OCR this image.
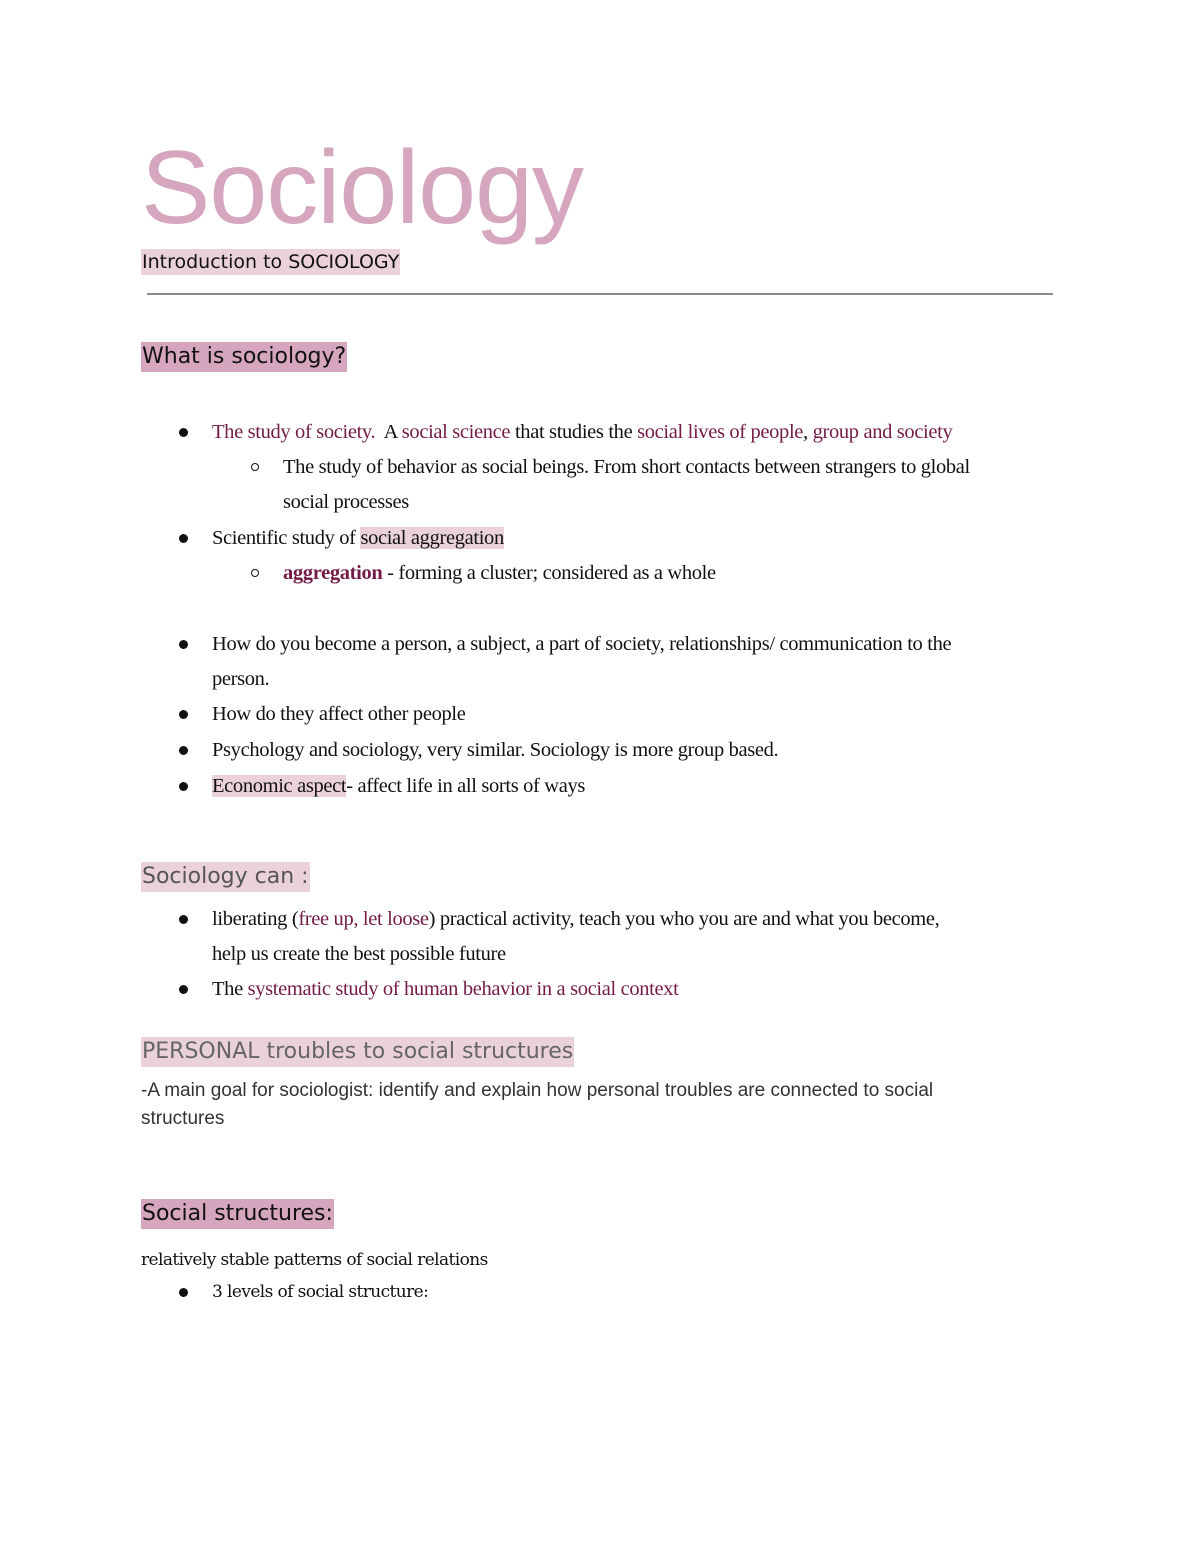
Sociology
Introduction to SOCIOLOGY
What is sociology?
The study of society.  A social science that studies the social lives of people, group and society
The study of behavior as social beings. From short contacts between strangers to global
social processes
Scientific study of social aggregation
aggregation - forming a cluster; considered as a whole
How do you become a person, a subject, a part of society, relationships/ communication to the
person.
How do they affect other people
Psychology and sociology, very similar. Sociology is more group based.
Economic aspect- affect life in all sorts of ways
Sociology can :
liberating (free up, let loose) practical activity, teach you who you are and what you become,
help us create the best possible future
The systematic study of human behavior in a social context
PERSONAL troubles to social structures
-A main goal for sociologist: identify and explain how personal troubles are connected to social
structures
Social structures:
relatively stable patterns of social relations
3 levels of social structure:
